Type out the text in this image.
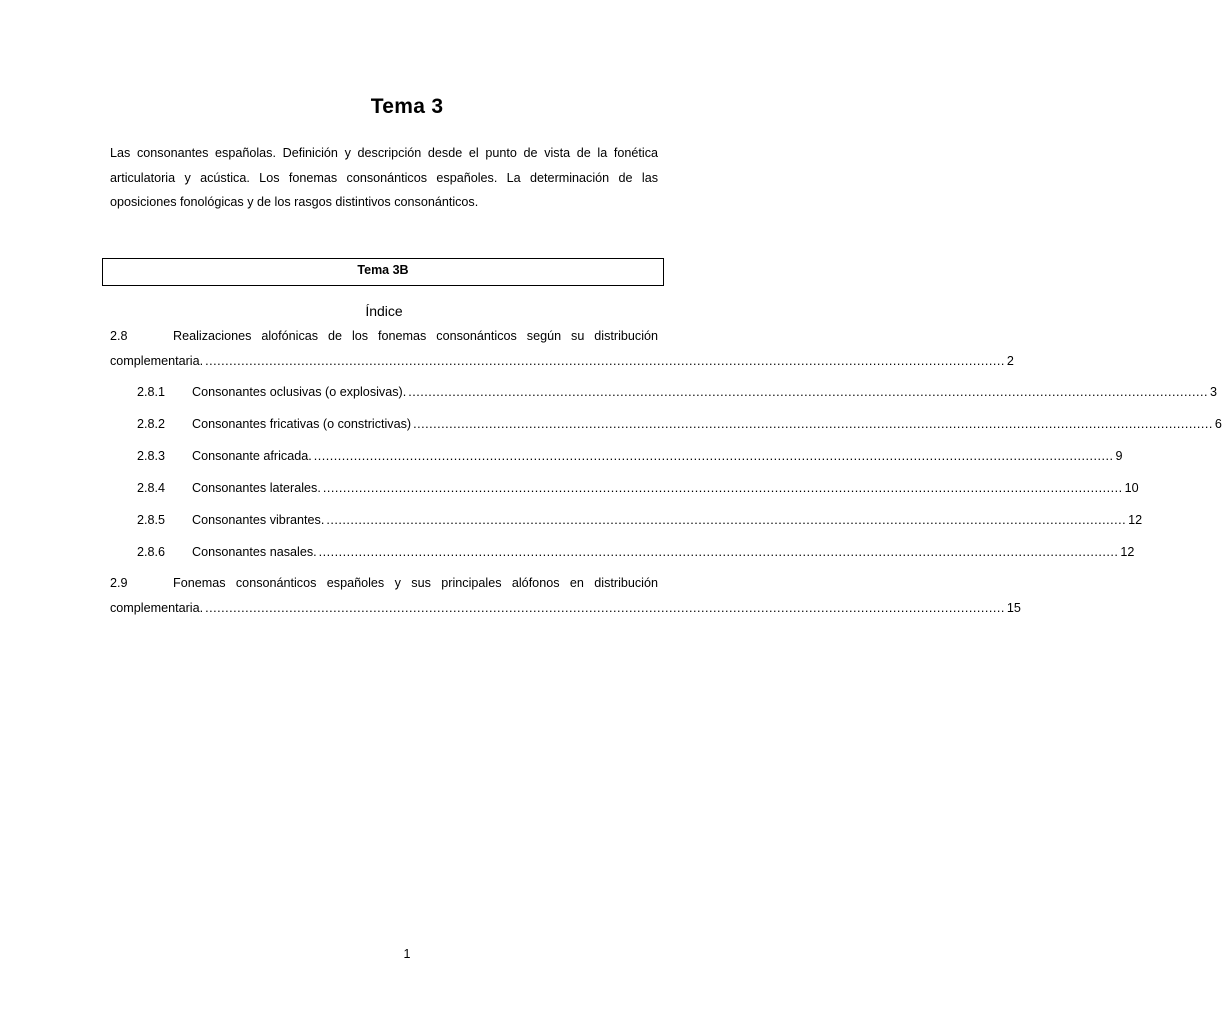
Tema 3

Las consonantes españolas. Definición y descripción desde el punto de vista de la fonética articulatoria y acústica. Los fonemas consonánticos españoles. La determinación de las oposiciones fonológicas y de los rasgos distintivos consonánticos.

Tema 3B
Índice
2.8	Realizaciones alofónicas de los fonemas consonánticos según su distribución
complementaria. ........................................................................................................................................................................................................ 2
2.8.1	Consonantes oclusivas (o explosivas). ........................................................................................................................................................................................................ 3
2.8.2	Consonantes fricativas (o constrictivas) ........................................................................................................................................................................................................ 6
2.8.3	Consonante africada. ........................................................................................................................................................................................................ 9
2.8.4	Consonantes laterales. ........................................................................................................................................................................................................ 10
2.8.5	Consonantes vibrantes. ........................................................................................................................................................................................................ 12
2.8.6	Consonantes nasales. ........................................................................................................................................................................................................ 12
2.9	Fonemas consonánticos españoles y sus principales alófonos en distribución
complementaria. ........................................................................................................................................................................................................ 15
1
